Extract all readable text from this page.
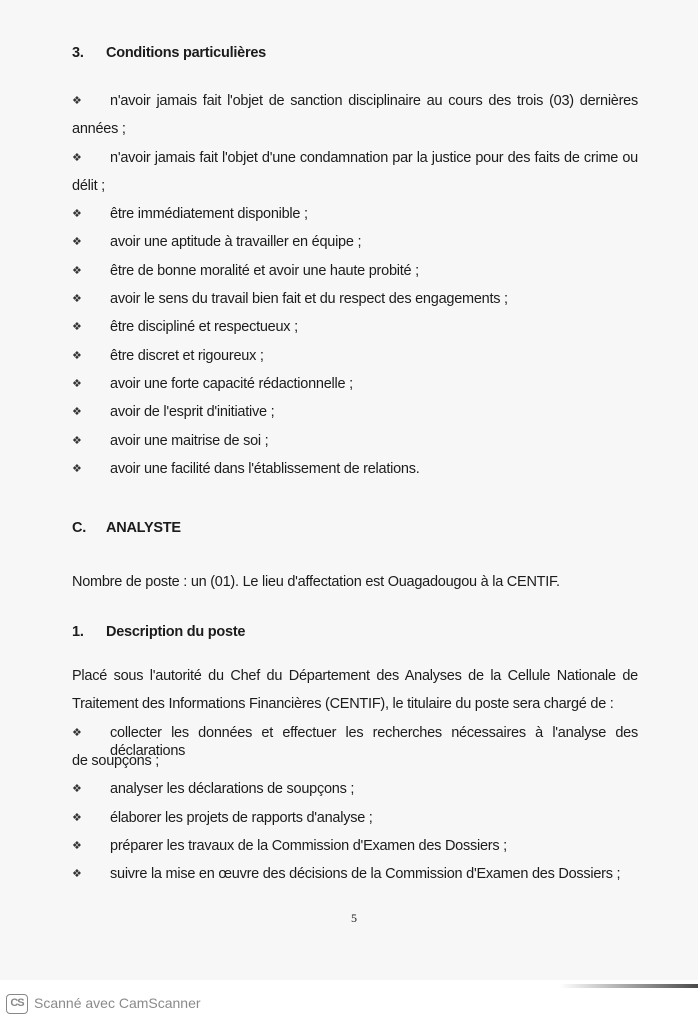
3. Conditions particulières
❖ n'avoir jamais fait l'objet de sanction disciplinaire au cours des trois (03) dernières
années ;
❖ n'avoir jamais fait l'objet d'une condamnation par la justice pour des faits de crime ou
délit ;
❖ être immédiatement disponible ;
❖ avoir une aptitude à travailler en équipe ;
❖ être de bonne moralité et avoir une haute probité ;
❖ avoir le sens du travail bien fait et du respect des engagements ;
❖ être discipliné et respectueux ;
❖ être discret et rigoureux ;
❖ avoir une forte capacité rédactionnelle ;
❖ avoir de l'esprit d'initiative ;
❖ avoir une maitrise de soi ;
❖ avoir une facilité dans l'établissement de relations.
C. ANALYSTE
Nombre de poste : un (01). Le lieu d'affectation est Ouagadougou à la CENTIF.
1. Description du poste
Placé sous l'autorité du Chef du Département des Analyses de la Cellule Nationale de
Traitement des Informations Financières (CENTIF), le titulaire du poste sera chargé de :
❖ collecter les données et effectuer les recherches nécessaires à l'analyse des déclarations
de soupçons ;
❖ analyser les déclarations de soupçons ;
❖ élaborer les projets de rapports d'analyse ;
❖ préparer les travaux de la Commission d'Examen des Dossiers ;
❖ suivre la mise en œuvre des décisions de la Commission d'Examen des Dossiers ;
5
CS Scanné avec CamScanner
